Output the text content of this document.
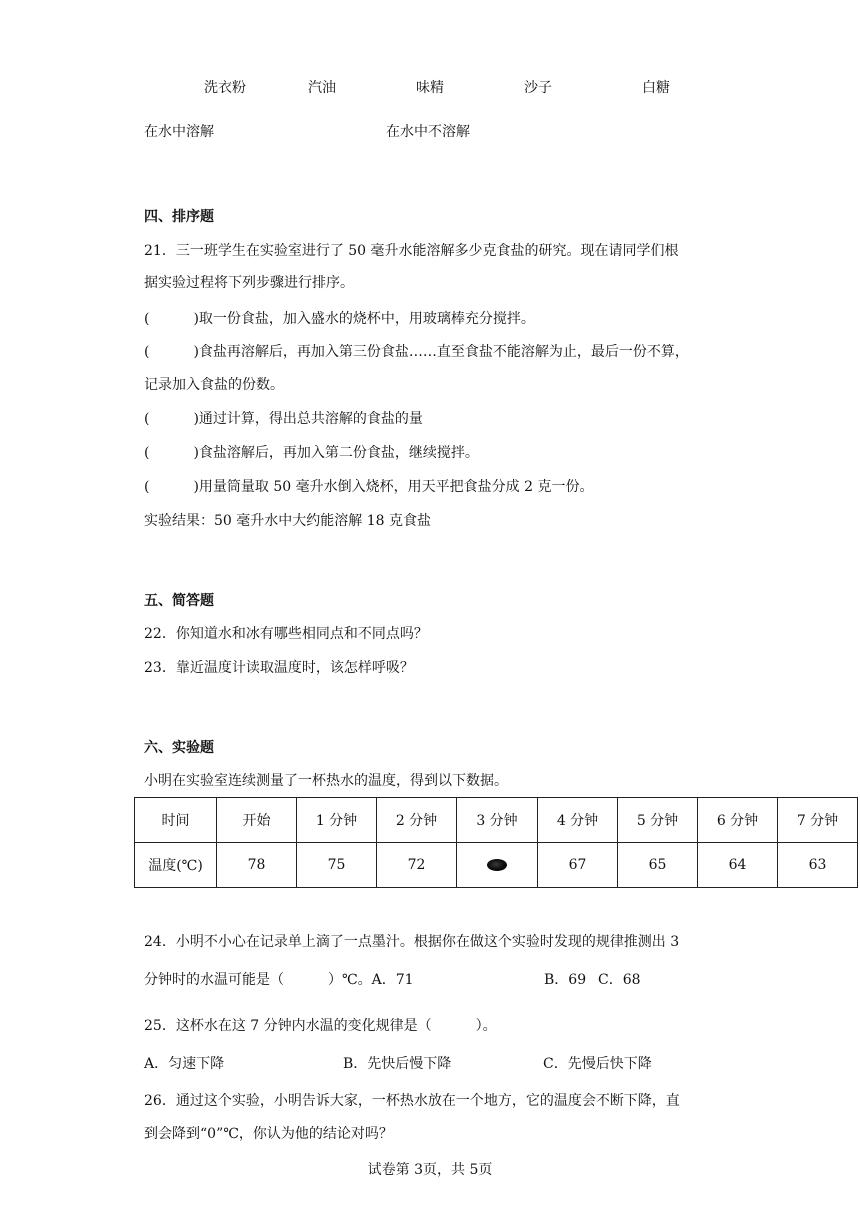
洗衣粉	汽油	味精	沙子	白糖
在水中溶解	在水中不溶解
四、排序题
21．三一班学生在实验室进行了 50 毫升水能溶解多少克食盐的研究。现在请同学们根
据实验过程将下列步骤进行排序。
(	)取一份食盐，加入盛水的烧杯中，用玻璃棒充分搅拌。
(	)食盐再溶解后，再加入第三份食盐……直至食盐不能溶解为止，最后一份不算，
记录加入食盐的份数。
(	)通过计算，得出总共溶解的食盐的量
(	)食盐溶解后，再加入第二份食盐，继续搅拌。
(	)用量筒量取 50 毫升水倒入烧杯，用天平把食盐分成 2 克一份。
实验结果：50 毫升水中大约能溶解 18 克食盐
五、简答题
22．你知道水和冰有哪些相同点和不同点吗？
23．靠近温度计读取温度时，该怎样呼吸？
六、实验题
小明在实验室连续测量了一杯热水的温度，得到以下数据。
时间	开始	1 分钟	2 分钟	3 分钟	4 分钟	5 分钟	6 分钟	7 分钟
温度(℃)	78	75	72		67	65	64	63
24．小明不小心在记录单上滴了一点墨汁。根据你在做这个实验时发现的规律推测出 3
分钟时的水温可能是（	）℃。A．71	B．69 C．68
25．这杯水在这 7 分钟内水温的变化规律是（	）。
A．匀速下降	B．先快后慢下降	C．先慢后快下降
26．通过这个实验，小明告诉大家，一杯热水放在一个地方，它的温度会不断下降，直
到会降到“0”℃，你认为他的结论对吗？
试卷第 3页，共 5页
